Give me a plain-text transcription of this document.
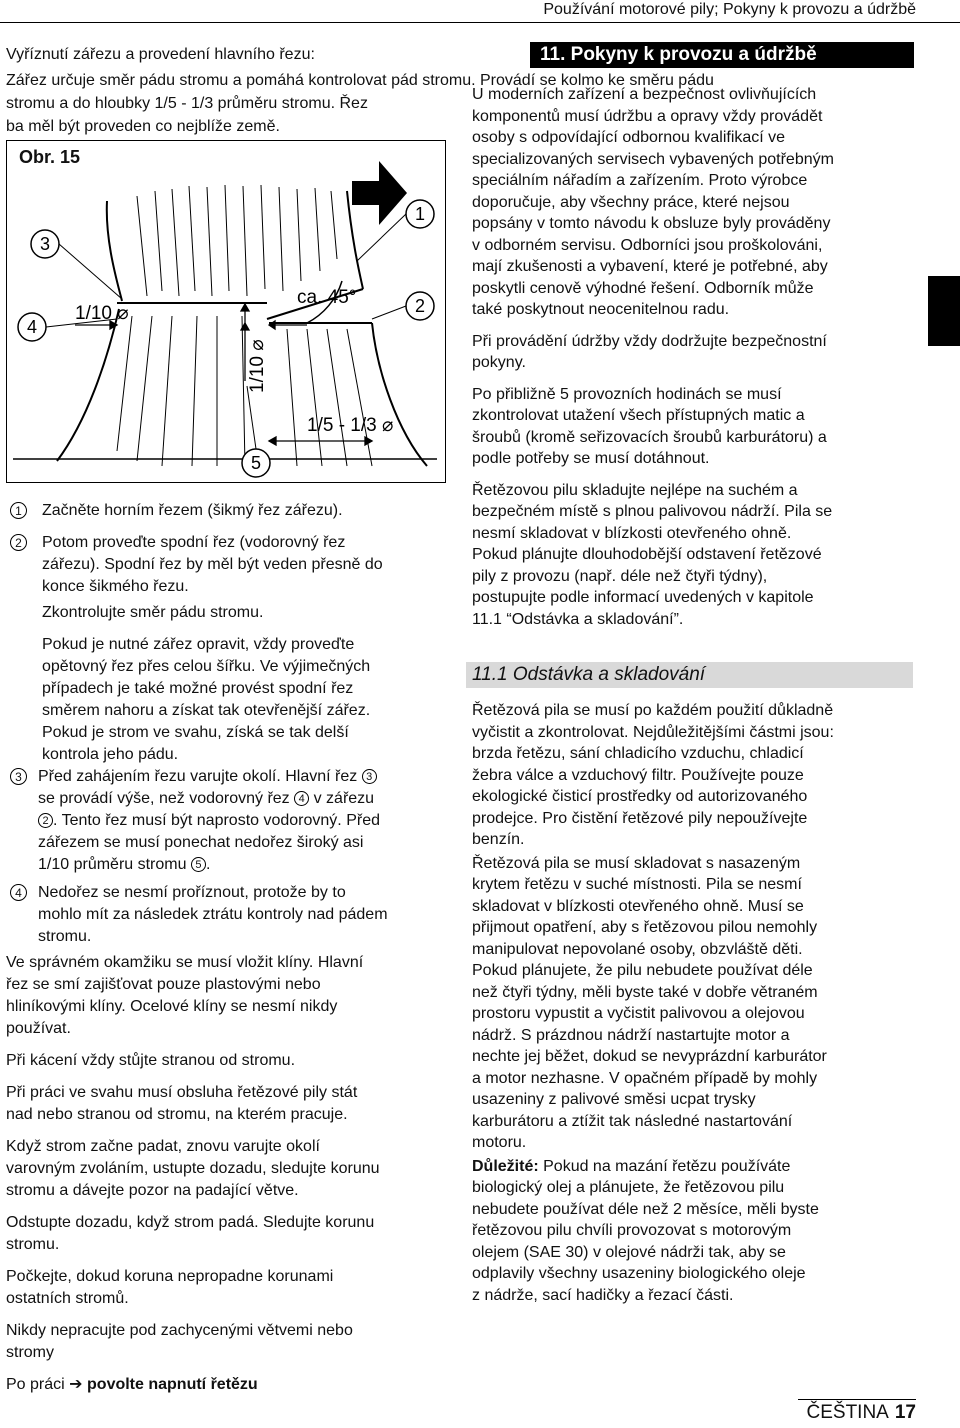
Používání motorové pily; Pokyny k provozu a údržbě
11. Pokyny k provozu a údržbě
Vyříznutí zářezu a provedení hlavního řezu:
Zářez určuje směr pádu stromu a pomáhá kontrolovat pád stromu. Provádí se kolmo ke směru pádu
stromu a do hloubky 1/5 - 1/3 průměru stromu. Řez
ba měl být proveden co nejblíže země.
3
4
1
2
5
ca. 45°
1/10 ⌀
1/10 ⌀
1/5 - 1/3 ⌀
Obr. 15
1	Začněte horním řezem (šikmý řez zářezu).

2	Potom proveďte spodní řez (vodorovný řez

zářezu). Spodní řez by měl být veden přesně do

konce šikmého řezu.

Zkontrolujte směr pádu stromu.

Pokud je nutné zářez opravit, vždy proveďte

opětovný řez přes celou šířku. Ve výjimečných

případech je také možné provést spodní řez

směrem nahoru a získat tak otevřenější zářez.

Pokud je strom ve svahu, získá se tak delší

kontrola jeho pádu.

3	Před zahájením řezu varujte okolí. Hlavní řez 3

se provádí výše, než vodorovný řez 4 v zářezu

2 . Tento řez musí být naprosto vodorovný. Před

zářezem se musí ponechat nedořez široký asi

1/10 průměru stromu 5 .

4	Nedořez se nesmí proříznout, protože by to

mohlo mít za následek ztrátu kontroly nad pádem

stromu.

Ve správném okamžiku se musí vložit klíny. Hlavní

řez se smí zajišťovat pouze plastovými nebo

hliníkovými klíny. Ocelové klíny se nesmí nikdy

používat.

Při kácení vždy stůjte stranou od stromu.

Při práci ve svahu musí obsluha řetězové pily stát

nad nebo stranou od stromu, na kterém pracuje.

Když strom začne padat, znovu varujte okolí

varovným zvoláním, ustupte dozadu, sledujte korunu

stromu a dávejte pozor na padající větve.

Odstupte dozadu, když strom padá. Sledujte korunu

stromu.

Počkejte, dokud koruna nepropadne korunami

ostatních stromů.

Nikdy nepracujte pod zachycenými větvemi nebo

stromy

Po práci ➔ povolte napnutí řetězu

U moderních zařízení a bezpečnost ovlivňujících

komponentů musí údržbu a opravy vždy provádět

osoby s odpovídající odbornou kvalifikací ve

specializovaných servisech vybavených potřebným

speciálním nářadím a zařízením. Proto výrobce

doporučuje, aby všechny práce, které nejsou

popsány v tomto návodu k obsluze byly prováděny

v odborném servisu. Odborníci jsou proškolováni,

mají zkušenosti a vybavení, které je potřebné, aby

poskytli cenově výhodné řešení. Odborník může

také poskytnout neocenitelnou radu.

Při provádění údržby vždy dodržujte bezpečnostní

pokyny.

Po přibližně 5 provozních hodinách se musí

zkontrolovat utažení všech přístupných matic a

šroubů (kromě seřizovacích šroubů karburátoru) a

podle potřeby se musí dotáhnout.

Řetězovou pilu skladujte nejlépe na suchém a

bezpečném místě s plnou palivovou nádrží. Pila se

nesmí skladovat v blízkosti otevřeného ohně.

Pokud plánujte dlouhodobější odstavení řetězové

pily z provozu (např. déle než čtyři týdny),

postupujte podle informací uvedených v kapitole

11.1 “Odstávka a skladování”.

11.1 Odstávka a skladování

Řetězová pila se musí po každém použití důkladně

vyčistit a zkontrolovat. Nejdůležitějšími částmi jsou:

brzda řetězu, sání chladicího vzduchu, chladicí

žebra válce a vzduchový filtr. Používejte pouze

ekologické čisticí prostředky od autorizovaného

prodejce. Pro čistění řetězové pily nepoužívejte

benzín.

Řetězová pila se musí skladovat s nasazeným

krytem řetězu v suché místnosti. Pila se nesmí

skladovat v blízkosti otevřeného ohně. Musí se

přijmout opatření, aby s řetězovou pilou nemohly

manipulovat nepovolané osoby, obzvláště děti.

Pokud plánujete, že pilu nebudete používat déle

než čtyři týdny, měli byste také v dobře větraném

prostoru vypustit a vyčistit palivovou a olejovou

nádrž. S prázdnou nádrží nastartujte motor a

nechte jej běžet, dokud se nevyprázdní karburátor

a motor nezhasne. V opačném případě by mohly

usazeniny z palivové směsi ucpat trysky

karburátoru a ztížit tak následné nastartování

motoru.

Důležité: Pokud na mazání řetězu používáte

biologický olej a plánujete, že řetězovou pilu

nebudete používat déle než 2 měsíce, měli byste

řetězovou pilu chvíli provozovat s motorovým

olejem (SAE 30) v olejové nádrži tak, aby se

odplavily všechny usazeniny biologického oleje

z nádrže, sací hadičky a řezací části.

ČEŠTINA 17
